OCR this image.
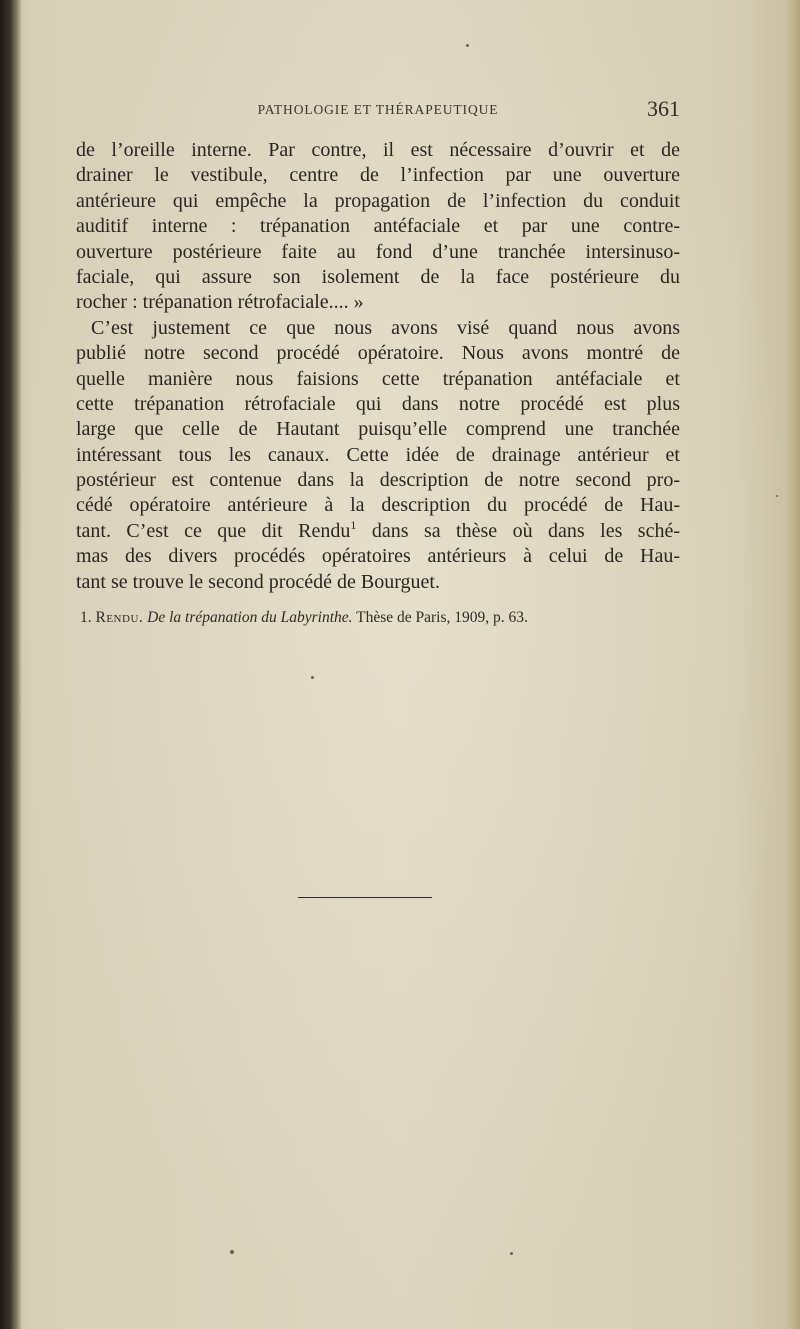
PATHOLOGIE ET THÉRAPEUTIQUE	361
de l’oreille interne. Par contre, il est nécessaire d’ouvrir et de
drainer le vestibule, centre de l’infection par une ouverture
antérieure qui empêche la propagation de l’infection du conduit
auditif interne : trépanation antéfaciale et par une contre-
ouverture postérieure faite au fond d’une tranchée intersinuso-
faciale, qui assure son isolement de la face postérieure du
rocher : trépanation rétrofaciale.... »
C’est justement ce que nous avons visé quand nous avons
publié notre second procédé opératoire. Nous avons montré de
quelle manière nous faisions cette trépanation antéfaciale et
cette trépanation rétrofaciale qui dans notre procédé est plus
large que celle de Hautant puisqu’elle comprend une tranchée
intéressant tous les canaux. Cette idée de drainage antérieur et
postérieur est contenue dans la description de notre second pro-
cédé opératoire antérieure à la description du procédé de Hau-
tant. C’est ce que dit Rendu$^1$ dans sa thèse où dans les sché-
mas des divers procédés opératoires antérieurs à celui de Hau-
tant se trouve le second procédé de Bourguet.
1. Rendu. De la trépanation du Labyrinthe. Thèse de Paris, 1909, p. 63.
